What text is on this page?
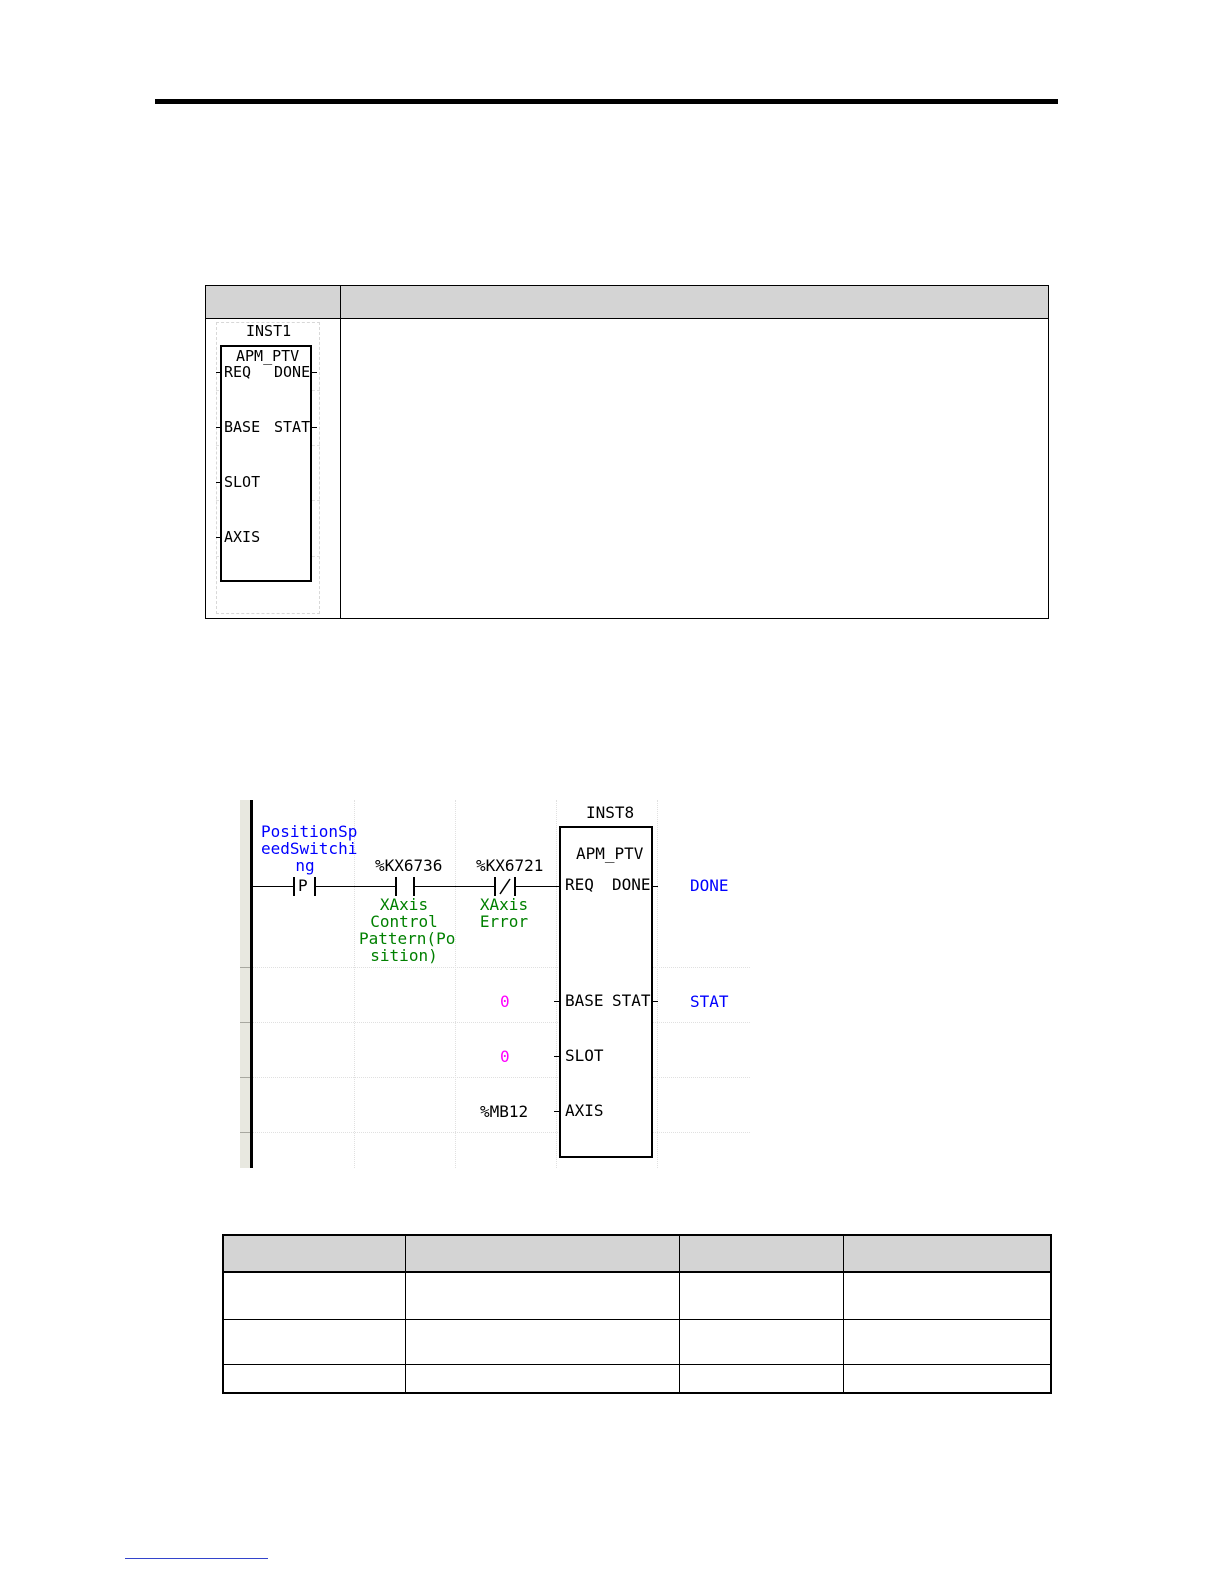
INST1
APM_PTV
REQ DONE
BASE STAT
SLOT
AXIS
P
PositionSp
eedSwitchi
ng	%KX6736
XAxis
Control
Pattern(Po
sition)
%KX6721
XAxis
Error
INST8
APM_PTV
REQ DONE DONE
BASE STAT
0	STAT
SLOT
0
AXIS
%MB12
